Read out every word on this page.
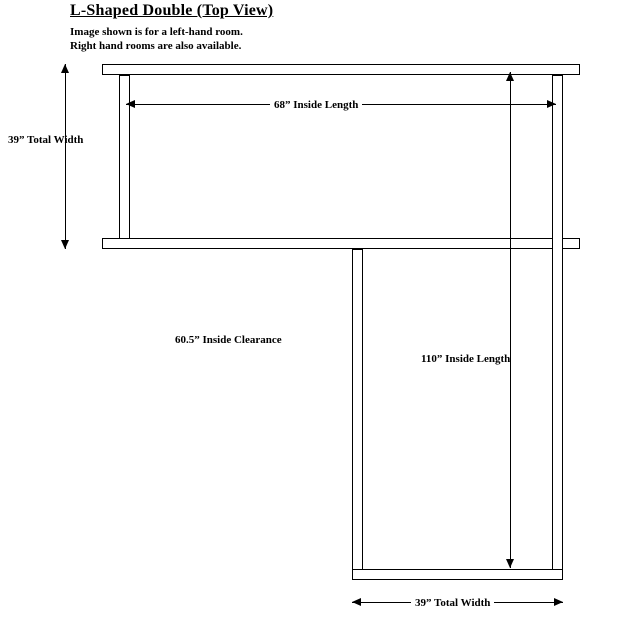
L-Shaped Double (Top View)
Image shown is for a left-hand room.
Right hand rooms are also available.
39” Total Width
68” Inside Length
60.5” Inside Clearance
110” Inside Length
39” Total Width
